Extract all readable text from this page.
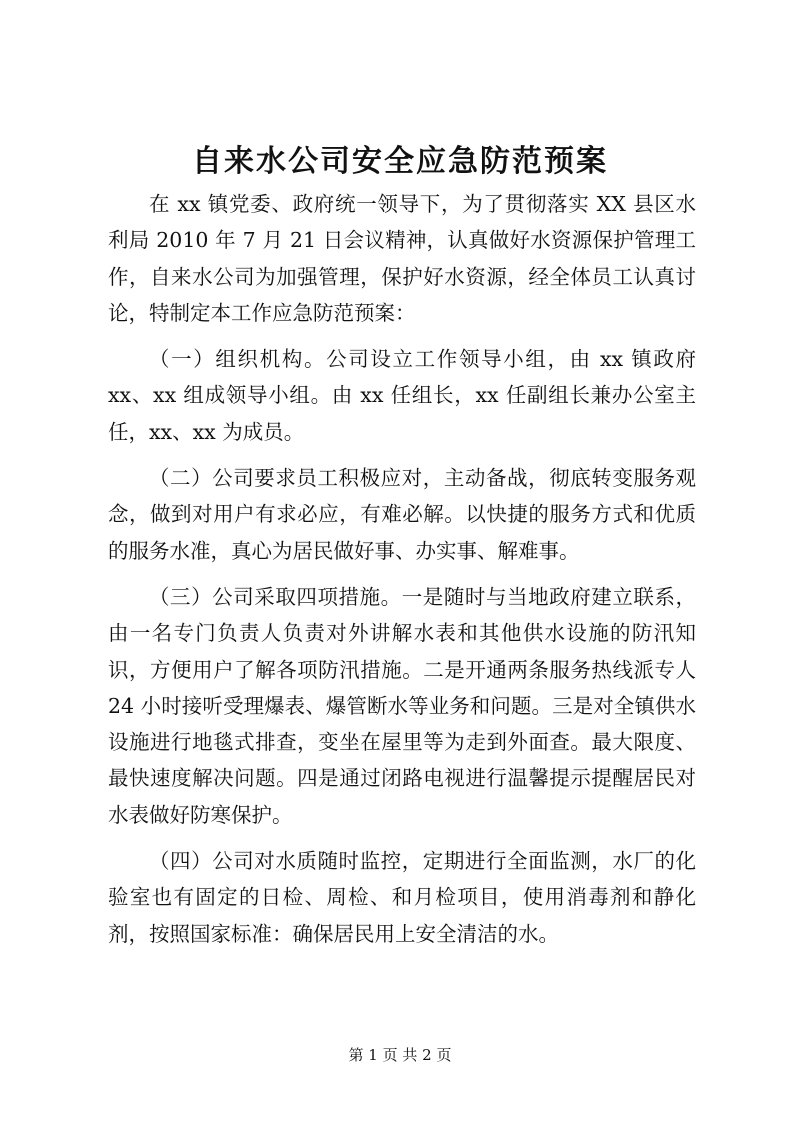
自来水公司安全应急防范预案

在 xx 镇党委、政府统一领导下，为了贯彻落实 XX 县区水利局 2010 年 7 月 21 日会议精神，认真做好水资源保护管理工作，自来水公司为加强管理，保护好水资源，经全体员工认真讨论，特制定本工作应急防范预案：

（一）组织机构。公司设立工作领导小组，由 xx 镇政府 xx、xx 组成领导小组。由 xx 任组长，xx 任副组长兼办公室主任，xx、xx 为成员。

（二）公司要求员工积极应对，主动备战，彻底转变服务观念，做到对用户有求必应，有难必解。以快捷的服务方式和优质的服务水准，真心为居民做好事、办实事、解难事。

（三）公司采取四项措施。一是随时与当地政府建立联系，由一名专门负责人负责对外讲解水表和其他供水设施的防汛知识，方便用户了解各项防汛措施。二是开通两条服务热线派专人 24 小时接听受理爆表、爆管断水等业务和问题。三是对全镇供水设施进行地毯式排查，变坐在屋里等为走到外面查。最大限度、最快速度解决问题。四是通过闭路电视进行温馨提示提醒居民对水表做好防寒保护。

（四）公司对水质随时监控，定期进行全面监测，水厂的化验室也有固定的日检、周检、和月检项目，使用消毒剂和静化剂，按照国家标准：确保居民用上安全清洁的水。

第 1 页 共 2 页
